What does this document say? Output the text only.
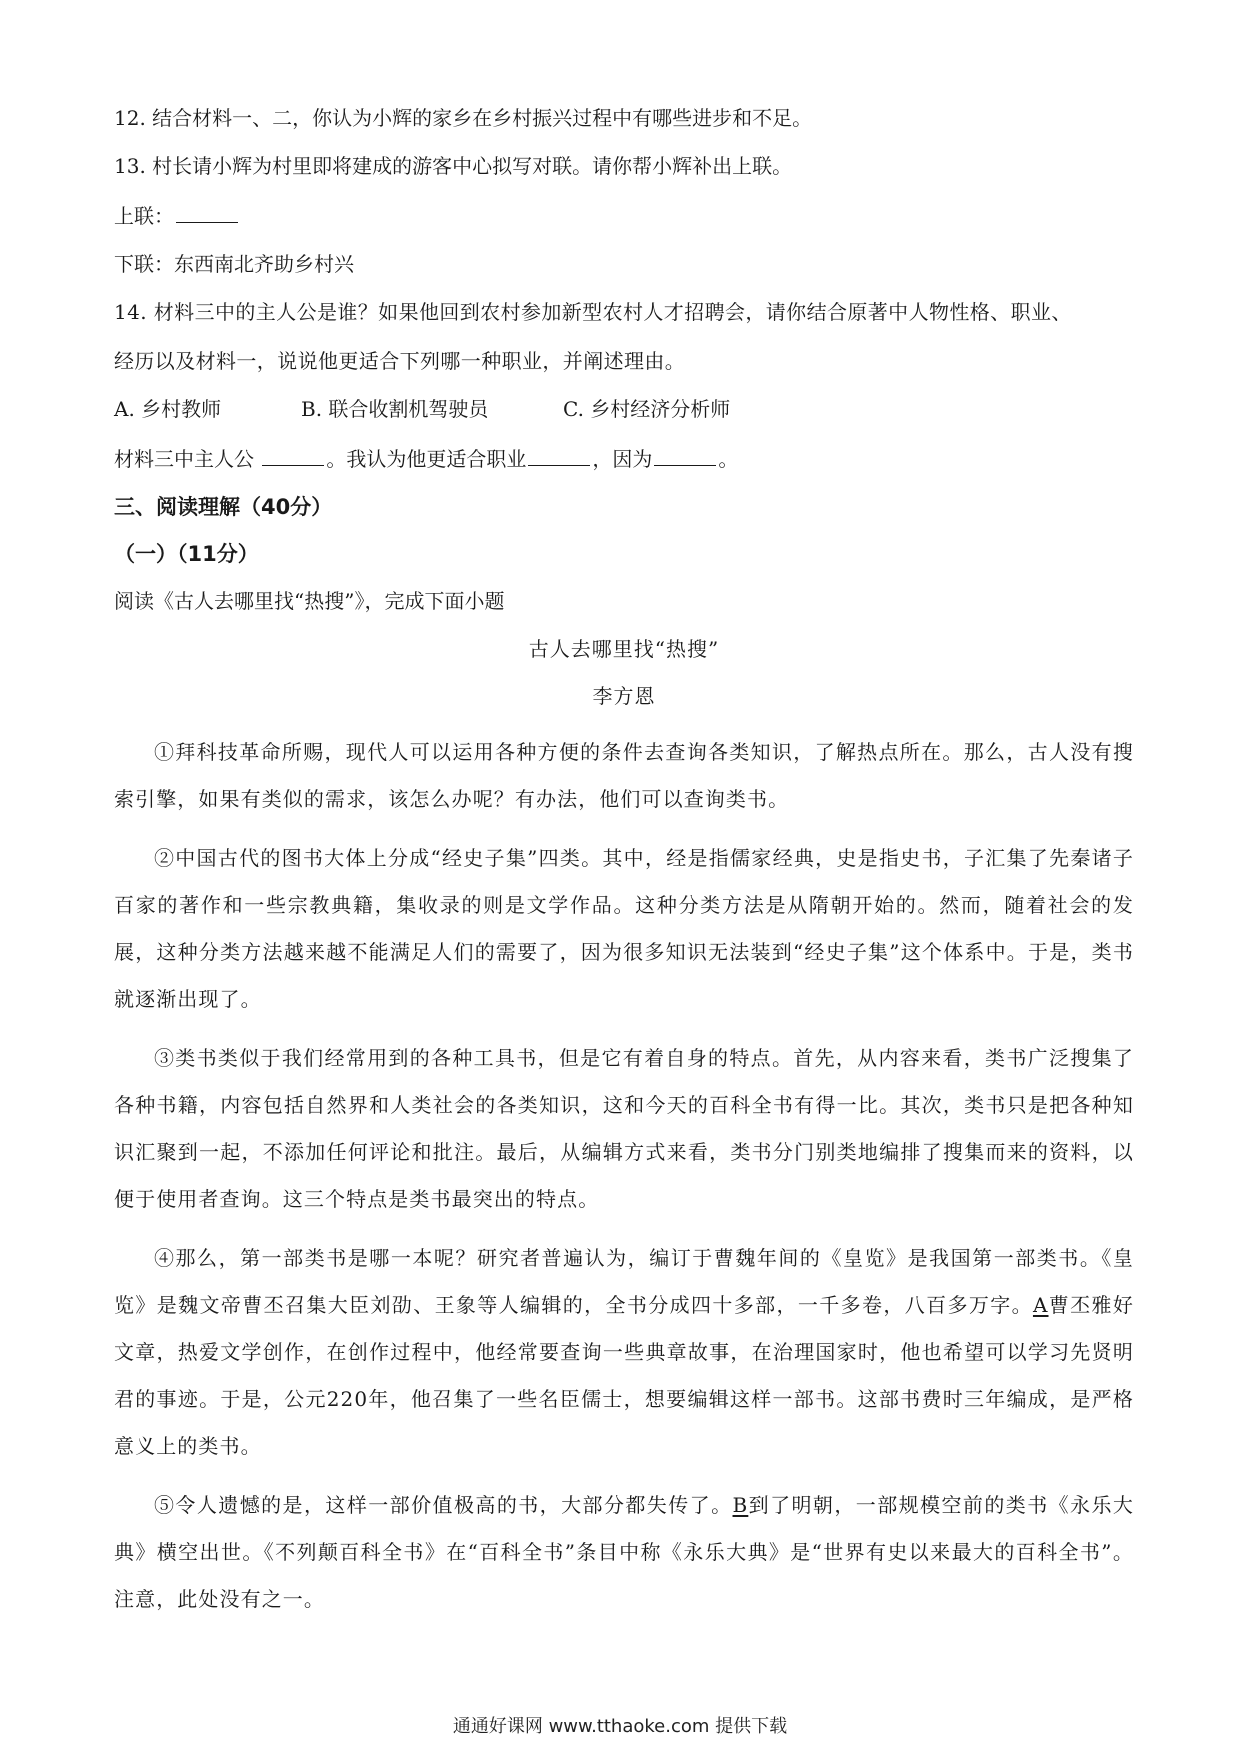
12. 结合材料一、二，你认为小辉的家乡在乡村振兴过程中有哪些进步和不足。
13. 村长请小辉为村里即将建成的游客中心拟写对联。请你帮小辉补出上联。
上联：
下联：东西南北齐助乡村兴
14. 材料三中的主人公是谁？如果他回到农村参加新型农村人才招聘会，请你结合原著中人物性格、职业、
经历以及材料一，说说他更适合下列哪一种职业，并阐述理由。
A. 乡村教师	B. 联合收割机驾驶员	C. 乡村经济分析师
材料三中主人公	。我认为他更适合职业	，因为	。
三、阅读理解（40分）
（一）（11分）
阅读《古人去哪里找“热搜”》，完成下面小题
古人去哪里找“热搜”
李方恩
①拜科技革命所赐，现代人可以运用各种方便的条件去查询各类知识，了解热点所在。那么，古人没有搜索引擎，如果有类似的需求，该怎么办呢？有办法，他们可以查询类书。
②中国古代的图书大体上分成“经史子集”四类。其中，经是指儒家经典，史是指史书，子汇集了先秦诸子百家的著作和一些宗教典籍，集收录的则是文学作品。这种分类方法是从隋朝开始的。然而，随着社会的发展，这种分类方法越来越不能满足人们的需要了，因为很多知识无法装到“经史子集”这个体系中。于是，类书就逐渐出现了。
③类书类似于我们经常用到的各种工具书，但是它有着自身的特点。首先，从内容来看，类书广泛搜集了各种书籍，内容包括自然界和人类社会的各类知识，这和今天的百科全书有得一比。其次，类书只是把各种知识汇聚到一起，不添加任何评论和批注。最后，从编辑方式来看，类书分门别类地编排了搜集而来的资料，以便于使用者查询。这三个特点是类书最突出的特点。
④那么，第一部类书是哪一本呢？研究者普遍认为，编订于曹魏年间的《皇览》是我国第一部类书。《皇览》是魏文帝曹丕召集大臣刘劭、王象等人编辑的，全书分成四十多部，一千多卷，八百多万字。A曹丕雅好文章，热爱文学创作，在创作过程中，他经常要查询一些典章故事，在治理国家时，他也希望可以学习先贤明君的事迹。于是，公元220年，他召集了一些名臣儒士，想要编辑这样一部书。这部书费时三年编成，是严格意义上的类书。
⑤令人遗憾的是，这样一部价值极高的书，大部分都失传了。B到了明朝，一部规模空前的类书《永乐大典》横空出世。《不列颠百科全书》在“百科全书”条目中称《永乐大典》是“世界有史以来最大的百科全书”。注意，此处没有之一。
通通好课网 www.tthaoke.com 提供下载
